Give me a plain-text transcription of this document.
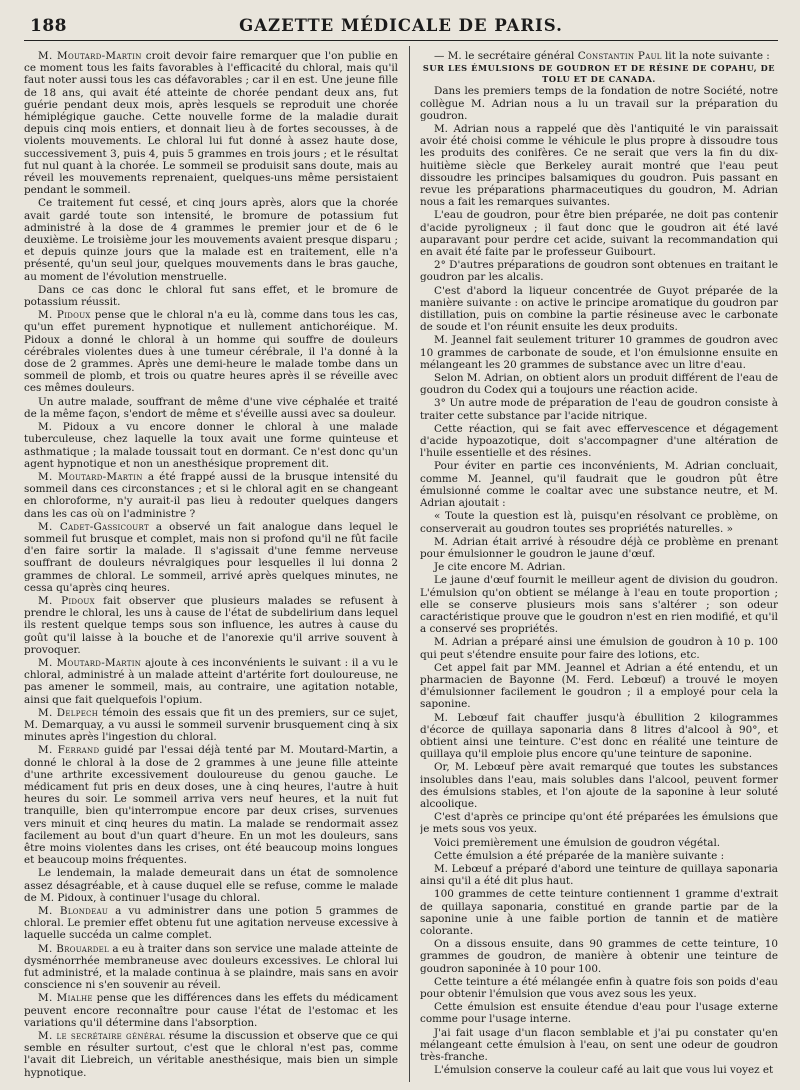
188	GAZETTE MÉDICALE DE PARIS.

M. Moutard-Martin croit devoir faire remarquer que l'on publie en ce moment tous les faits favorables à l'efficacité du chloral, mais qu'il faut noter aussi tous les cas défavorables ; car il en est. Une jeune fille de 18 ans, qui avait été atteinte de chorée pendant deux ans, fut guérie pendant deux mois, après lesquels se reproduit une chorée hémiplégique gauche. Cette nouvelle forme de la maladie durait depuis cinq mois entiers, et donnait lieu à de fortes secousses, à de violents mouvements. Le chloral lui fut donné à assez haute dose, successivement 3, puis 4, puis 5 grammes en trois jours ; et le résultat fut nul quant à la chorée. Le sommeil se produisit sans doute, mais au réveil les mouvements reprenaient, quelques-uns même persistaient pendant le sommeil.

Ce traitement fut cessé, et cinq jours après, alors que la chorée avait gardé toute son intensité, le bromure de potassium fut administré à la dose de 4 grammes le premier jour et de 6 le deuxième. Le troisième jour les mouvements avaient presque disparu ; et depuis quinze jours que la malade est en traitement, elle n'a présenté, qu'un seul jour, quelques mouvements dans le bras gauche, au moment de l'évolution menstruelle.

Dans ce cas donc le chloral fut sans effet, et le bromure de potassium réussit.

M. Pidoux pense que le chloral n'a eu là, comme dans tous les cas, qu'un effet purement hypnotique et nullement antichoréique. M. Pidoux a donné le chloral à un homme qui souffre de douleurs cérébrales violentes dues à une tumeur cérébrale, il l'a donné à la dose de 2 grammes. Après une demi-heure le malade tombe dans un sommeil de plomb, et trois ou quatre heures après il se réveille avec ces mêmes douleurs.

Un autre malade, souffrant de même d'une vive céphalée et traité de la même façon, s'endort de même et s'éveille aussi avec sa douleur.

M. Pidoux a vu encore donner le chloral à une malade tuberculeuse, chez laquelle la toux avait une forme quinteuse et asthmatique ; la malade toussait tout en dormant. Ce n'est donc qu'un agent hypnotique et non un anesthésique proprement dit.

M. Moutard-Martin a été frappé aussi de la brusque intensité du sommeil dans ces circonstances ; et si le chloral agit en se changeant en chloroforme, n'y aurait-il pas lieu à redouter quelques dangers dans les cas où on l'administre ?

M. Cadet-Gassicourt a observé un fait analogue dans lequel le sommeil fut brusque et complet, mais non si profond qu'il ne fût facile d'en faire sortir la malade. Il s'agissait d'une femme nerveuse souffrant de douleurs névralgiques pour lesquelles il lui donna 2 grammes de chloral. Le sommeil, arrivé après quelques minutes, ne cessa qu'après cinq heures.

M. Pidoux fait observer que plusieurs malades se refusent à prendre le chloral, les uns à cause de l'état de subdelirium dans lequel ils restent quelque temps sous son influence, les autres à cause du goût qu'il laisse à la bouche et de l'anorexie qu'il arrive souvent à provoquer.

M. Moutard-Martin ajoute à ces inconvénients le suivant : il a vu le chloral, administré à un malade atteint d'artérite fort douloureuse, ne pas amener le sommeil, mais, au contraire, une agitation notable, ainsi que fait quelquefois l'opium.

M. Delpech témoin des essais que fit un des premiers, sur ce sujet, M. Demarquay, a vu aussi le sommeil survenir brusquement cinq à six minutes après l'ingestion du chloral.

M. Ferrand guidé par l'essai déjà tenté par M. Moutard-Martin, a donné le chloral à la dose de 2 grammes à une jeune fille atteinte d'une arthrite excessivement douloureuse du genou gauche. Le médicament fut pris en deux doses, une à cinq heures, l'autre à huit heures du soir. Le sommeil arriva vers neuf heures, et la nuit fut tranquille, bien qu'interrompue encore par deux crises, survenues vers minuit et cinq heures du matin. La malade se rendormait assez facilement au bout d'un quart d'heure. En un mot les douleurs, sans être moins violentes dans les crises, ont été beaucoup moins longues et beaucoup moins fréquentes.

Le lendemain, la malade demeurait dans un état de somnolence assez désagréable, et à cause duquel elle se refuse, comme le malade de M. Pidoux, à continuer l'usage du chloral.

M. Blondeau a vu administrer dans une potion 5 grammes de chloral. Le premier effet obtenu fut une agitation nerveuse excessive à laquelle succéda un calme complet.

M. Brouardel a eu à traiter dans son service une malade atteinte de dysménorrhée membraneuse avec douleurs excessives. Le chloral lui fut administré, et la malade continua à se plaindre, mais sans en avoir conscience ni s'en souvenir au réveil.

M. Mialhe pense que les différences dans les effets du médicament peuvent encore reconnaître pour cause l'état de l'estomac et les variations qu'il détermine dans l'absorption.

M. le secrétaire général résume la discussion et observe que ce qui semble en résulter surtout, c'est que le chloral n'est pas, comme l'avait dit Liebreich, un véritable anesthésique, mais bien un simple hypnotique.

— M. le secrétaire général Constantin Paul lit la note suivante :

SUR LES ÉMULSIONS DE GOUDRON ET DE RÉSINE DE COPAHU, DE TOLU ET DE CANADA.

Dans les premiers temps de la fondation de notre Société, notre collègue M. Adrian nous a lu un travail sur la préparation du goudron.

M. Adrian nous a rappelé que dès l'antiquité le vin paraissait avoir été choisi comme le véhicule le plus propre à dissoudre tous les produits des conifères. Ce ne serait que vers la fin du dix-huitième siècle que Berkeley aurait montré que l'eau peut dissoudre les principes balsamiques du goudron. Puis passant en revue les préparations pharmaceutiques du goudron, M. Adrian nous a fait les remarques suivantes.

L'eau de goudron, pour être bien préparée, ne doit pas contenir d'acide pyroligneux ; il faut donc que le goudron ait été lavé auparavant pour perdre cet acide, suivant la recommandation qui en avait été faite par le professeur Guibourt.

2° D'autres préparations de goudron sont obtenues en traitant le goudron par les alcalis.

C'est d'abord la liqueur concentrée de Guyot préparée de la manière suivante : on active le principe aromatique du goudron par distillation, puis on combine la partie résineuse avec le carbonate de soude et l'on réunit ensuite les deux produits.

M. Jeannel fait seulement triturer 10 grammes de goudron avec 10 grammes de carbonate de soude, et l'on émulsionne ensuite en mélangeant les 20 grammes de substance avec un litre d'eau.

Selon M. Adrian, on obtient alors un produit différent de l'eau de goudron du Codex qui a toujours une réaction acide.

3° Un autre mode de préparation de l'eau de goudron consiste à traiter cette substance par l'acide nitrique.

Cette réaction, qui se fait avec effervescence et dégagement d'acide hypoazotique, doit s'accompagner d'une altération de l'huile essentielle et des résines.

Pour éviter en partie ces inconvénients, M. Adrian concluait, comme M. Jeannel, qu'il faudrait que le goudron pût être émulsionné comme le coaltar avec une substance neutre, et M. Adrian ajoutait :

« Toute la question est là, puisqu'en résolvant ce problème, on conserverait au goudron toutes ses propriétés naturelles. »

M. Adrian était arrivé à résoudre déjà ce problème en prenant pour émulsionner le goudron le jaune d'œuf.

Je cite encore M. Adrian.

Le jaune d'œuf fournit le meilleur agent de division du goudron. L'émulsion qu'on obtient se mélange à l'eau en toute proportion ; elle se conserve plusieurs mois sans s'altérer ; son odeur caractéristique prouve que le goudron n'est en rien modifié, et qu'il a conservé ses propriétés.

M. Adrian a préparé ainsi une émulsion de goudron à 10 p. 100 qui peut s'étendre ensuite pour faire des lotions, etc.

Cet appel fait par MM. Jeannel et Adrian a été entendu, et un pharmacien de Bayonne (M. Ferd. Lebœuf) a trouvé le moyen d'émulsionner facilement le goudron ; il a employé pour cela la saponine.

M. Lebœuf fait chauffer jusqu'à ébullition 2 kilogrammes d'écorce de quillaya saponaria dans 8 litres d'alcool à 90°, et obtient ainsi une teinture. C'est donc en réalité une teinture de quillaya qu'il emploie plus encore qu'une teinture de saponine.

Or, M. Lebœuf père avait remarqué que toutes les substances insolubles dans l'eau, mais solubles dans l'alcool, peuvent former des émulsions stables, et l'on ajoute de la saponine à leur soluté alcoolique.

C'est d'après ce principe qu'ont été préparées les émulsions que je mets sous vos yeux.

Voici premièrement une émulsion de goudron végétal.

Cette émulsion a été préparée de la manière suivante :

M. Lebœuf a préparé d'abord une teinture de quillaya saponaria ainsi qu'il a été dit plus haut.

100 grammes de cette teinture contiennent 1 gramme d'extrait de quillaya saponaria, constitué en grande partie par de la saponine unie à une faible portion de tannin et de matière colorante.

On a dissous ensuite, dans 90 grammes de cette teinture, 10 grammes de goudron, de manière à obtenir une teinture de goudron saponinée à 10 pour 100.

Cette teinture a été mélangée enfin à quatre fois son poids d'eau pour obtenir l'émulsion que vous avez sous les yeux.

Cette émulsion est ensuite étendue d'eau pour l'usage externe comme pour l'usage interne.

J'ai fait usage d'un flacon semblable et j'ai pu constater qu'en mélangeant cette émulsion à l'eau, on sent une odeur de goudron très-franche.

L'émulsion conserve la couleur café au lait que vous lui voyez et
